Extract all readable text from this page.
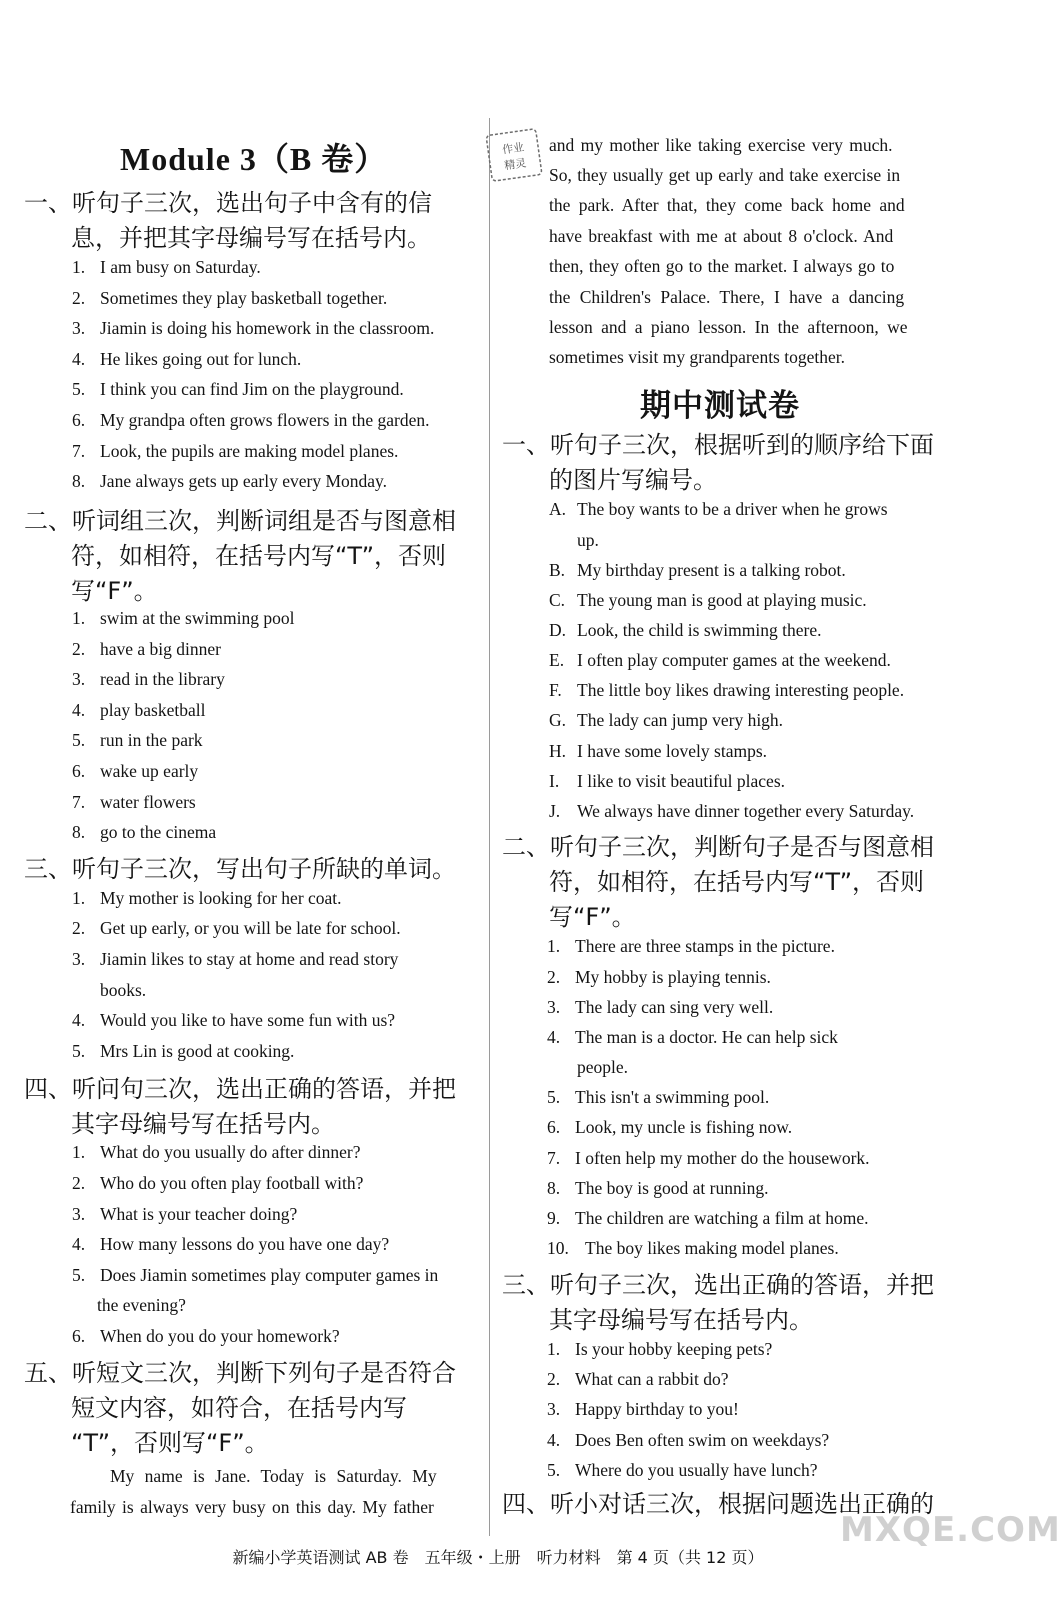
Module 3（B 卷）
期中测试卷
作业
精灵
一、听句子三次，选出句子中含有的信
息，并把其字母编号写在括号内。
1. I am busy on Saturday.
2. Sometimes they play basketball together.
3. Jiamin is doing his homework in the classroom.
4. He likes going out for lunch.
5. I think you can find Jim on the playground.
6. My grandpa often grows flowers in the garden.
7. Look, the pupils are making model planes.
8. Jane always gets up early every Monday.
二、听词组三次，判断词组是否与图意相
符，如相符，在括号内写“T”，否则
写“F”。
1. swim at the swimming pool
2. have a big dinner
3. read in the library
4. play basketball
5. run in the park
6. wake up early
7. water flowers
8. go to the cinema
三、听句子三次，写出句子所缺的单词。
1. My mother is looking for her coat.
2. Get up early, or you will be late for school.
3. Jiamin likes to stay at home and read story
books.
4. Would you like to have some fun with us?
5. Mrs Lin is good at cooking.
四、听问句三次，选出正确的答语，并把
其字母编号写在括号内。
1. What do you usually do after dinner?
2. Who do you often play football with?
3. What is your teacher doing?
4. How many lessons do you have one day?
5. Does Jiamin sometimes play computer games in
the evening?
6. When do you do your homework?
五、听短文三次，判断下列句子是否符合
短文内容，如符合，在括号内写
“T”，否则写“F”。
My name is Jane. Today is Saturday. My
family is always very busy on this day. My father
and my mother like taking exercise very much.
So, they usually get up early and take exercise in
the park. After that, they come back home and
have breakfast with me at about 8 o'clock. And
then, they often go to the market. I always go to
the Children's Palace. There, I have a dancing
lesson and a piano lesson. In the afternoon, we
sometimes visit my grandparents together.
一、听句子三次，根据听到的顺序给下面
的图片写编号。
A. The boy wants to be a driver when he grows
up.
B. My birthday present is a talking robot.
C. The young man is good at playing music.
D. Look, the child is swimming there.
E. I often play computer games at the weekend.
F. The little boy likes drawing interesting people.
G. The lady can jump very high.
H. I have some lovely stamps.
I. I like to visit beautiful places.
J. We always have dinner together every Saturday.
二、听句子三次，判断句子是否与图意相
符，如相符，在括号内写“T”，否则
写“F”。
1. There are three stamps in the picture.
2. My hobby is playing tennis.
3. The lady can sing very well.
4. The man is a doctor. He can help sick
people.
5. This isn't a swimming pool.
6. Look, my uncle is fishing now.
7. I often help my mother do the housework.
8. The boy is good at running.
9. The children are watching a film at home.
10. The boy likes making model planes.
三、听句子三次，选出正确的答语，并把
其字母编号写在括号内。
1. Is your hobby keeping pets?
2. What can a rabbit do?
3. Happy birthday to you!
4. Does Ben often swim on weekdays?
5. Where do you usually have lunch?
四、听小对话三次，根据问题选出正确的
新编小学英语测试 AB 卷　五年级・上册　听力材料　第 4 页（共 12 页）
MXQE.COM
